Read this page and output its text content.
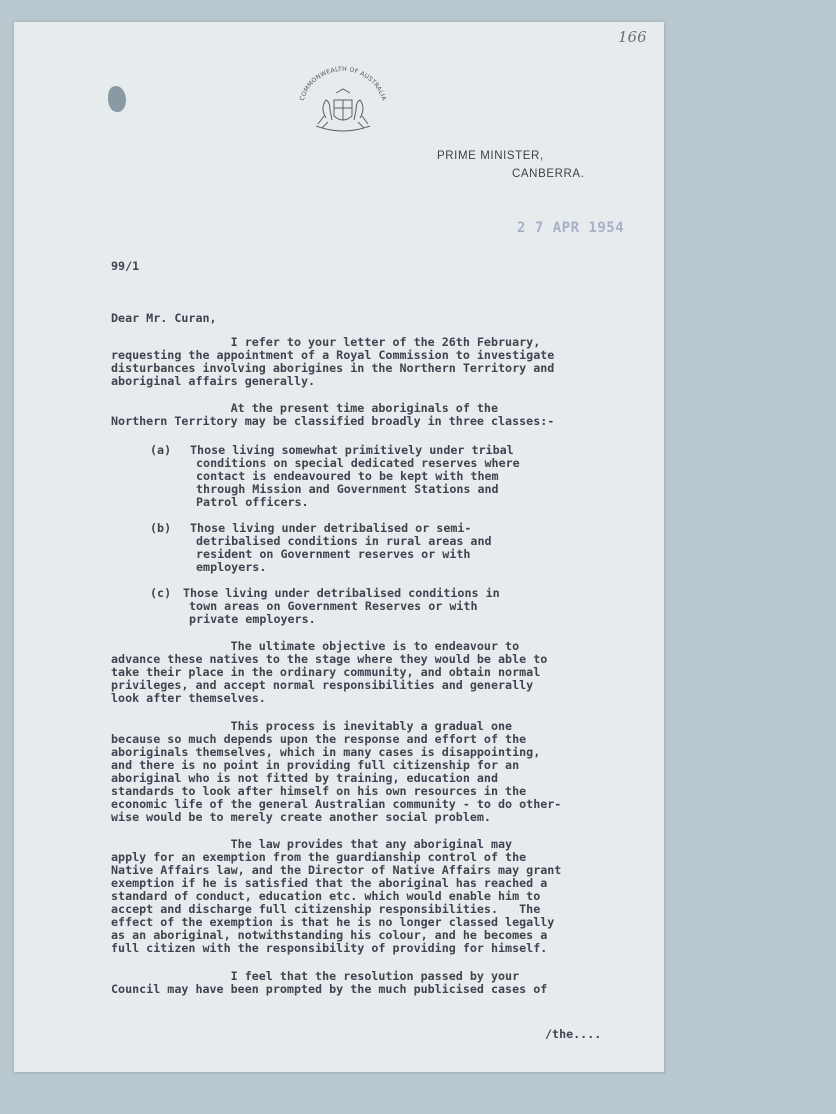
166
COMMONWEALTH OF AUSTRALIA
PRIME MINISTER,
CANBERRA.
2 7 APR 1954
99/1
Dear Mr. Curan,
I refer to your letter of the 26th February,
requesting the appointment of a Royal Commission to investigate
disturbances involving aborigines in the Northern Territory and
aboriginal affairs generally.
At the present time aboriginals of the
Northern Territory may be classified broadly in three classes:-
(a) Those living somewhat primitively under tribal
conditions on special dedicated reserves where
contact is endeavoured to be kept with them
through Mission and Government Stations and
Patrol officers.
(b) Those living under detribalised or semi-
detribalised conditions in rural areas and
resident on Government reserves or with
employers.
(c) Those living under detribalised conditions in
town areas on Government Reserves or with
private employers.
The ultimate objective is to endeavour to
advance these natives to the stage where they would be able to
take their place in the ordinary community, and obtain normal
privileges, and accept normal responsibilities and generally
look after themselves.
This process is inevitably a gradual one
because so much depends upon the response and effort of the
aboriginals themselves, which in many cases is disappointing,
and there is no point in providing full citizenship for an
aboriginal who is not fitted by training, education and
standards to look after himself on his own resources in the
economic life of the general Australian community - to do other-
wise would be to merely create another social problem.
The law provides that any aboriginal may
apply for an exemption from the guardianship control of the
Native Affairs law, and the Director of Native Affairs may grant
exemption if he is satisfied that the aboriginal has reached a
standard of conduct, education etc. which would enable him to
accept and discharge full citizenship responsibilities.   The
effect of the exemption is that he is no longer classed legally
as an aboriginal, notwithstanding his colour, and he becomes a
full citizen with the responsibility of providing for himself.
I feel that the resolution passed by your
Council may have been prompted by the much publicised cases of
/the....
